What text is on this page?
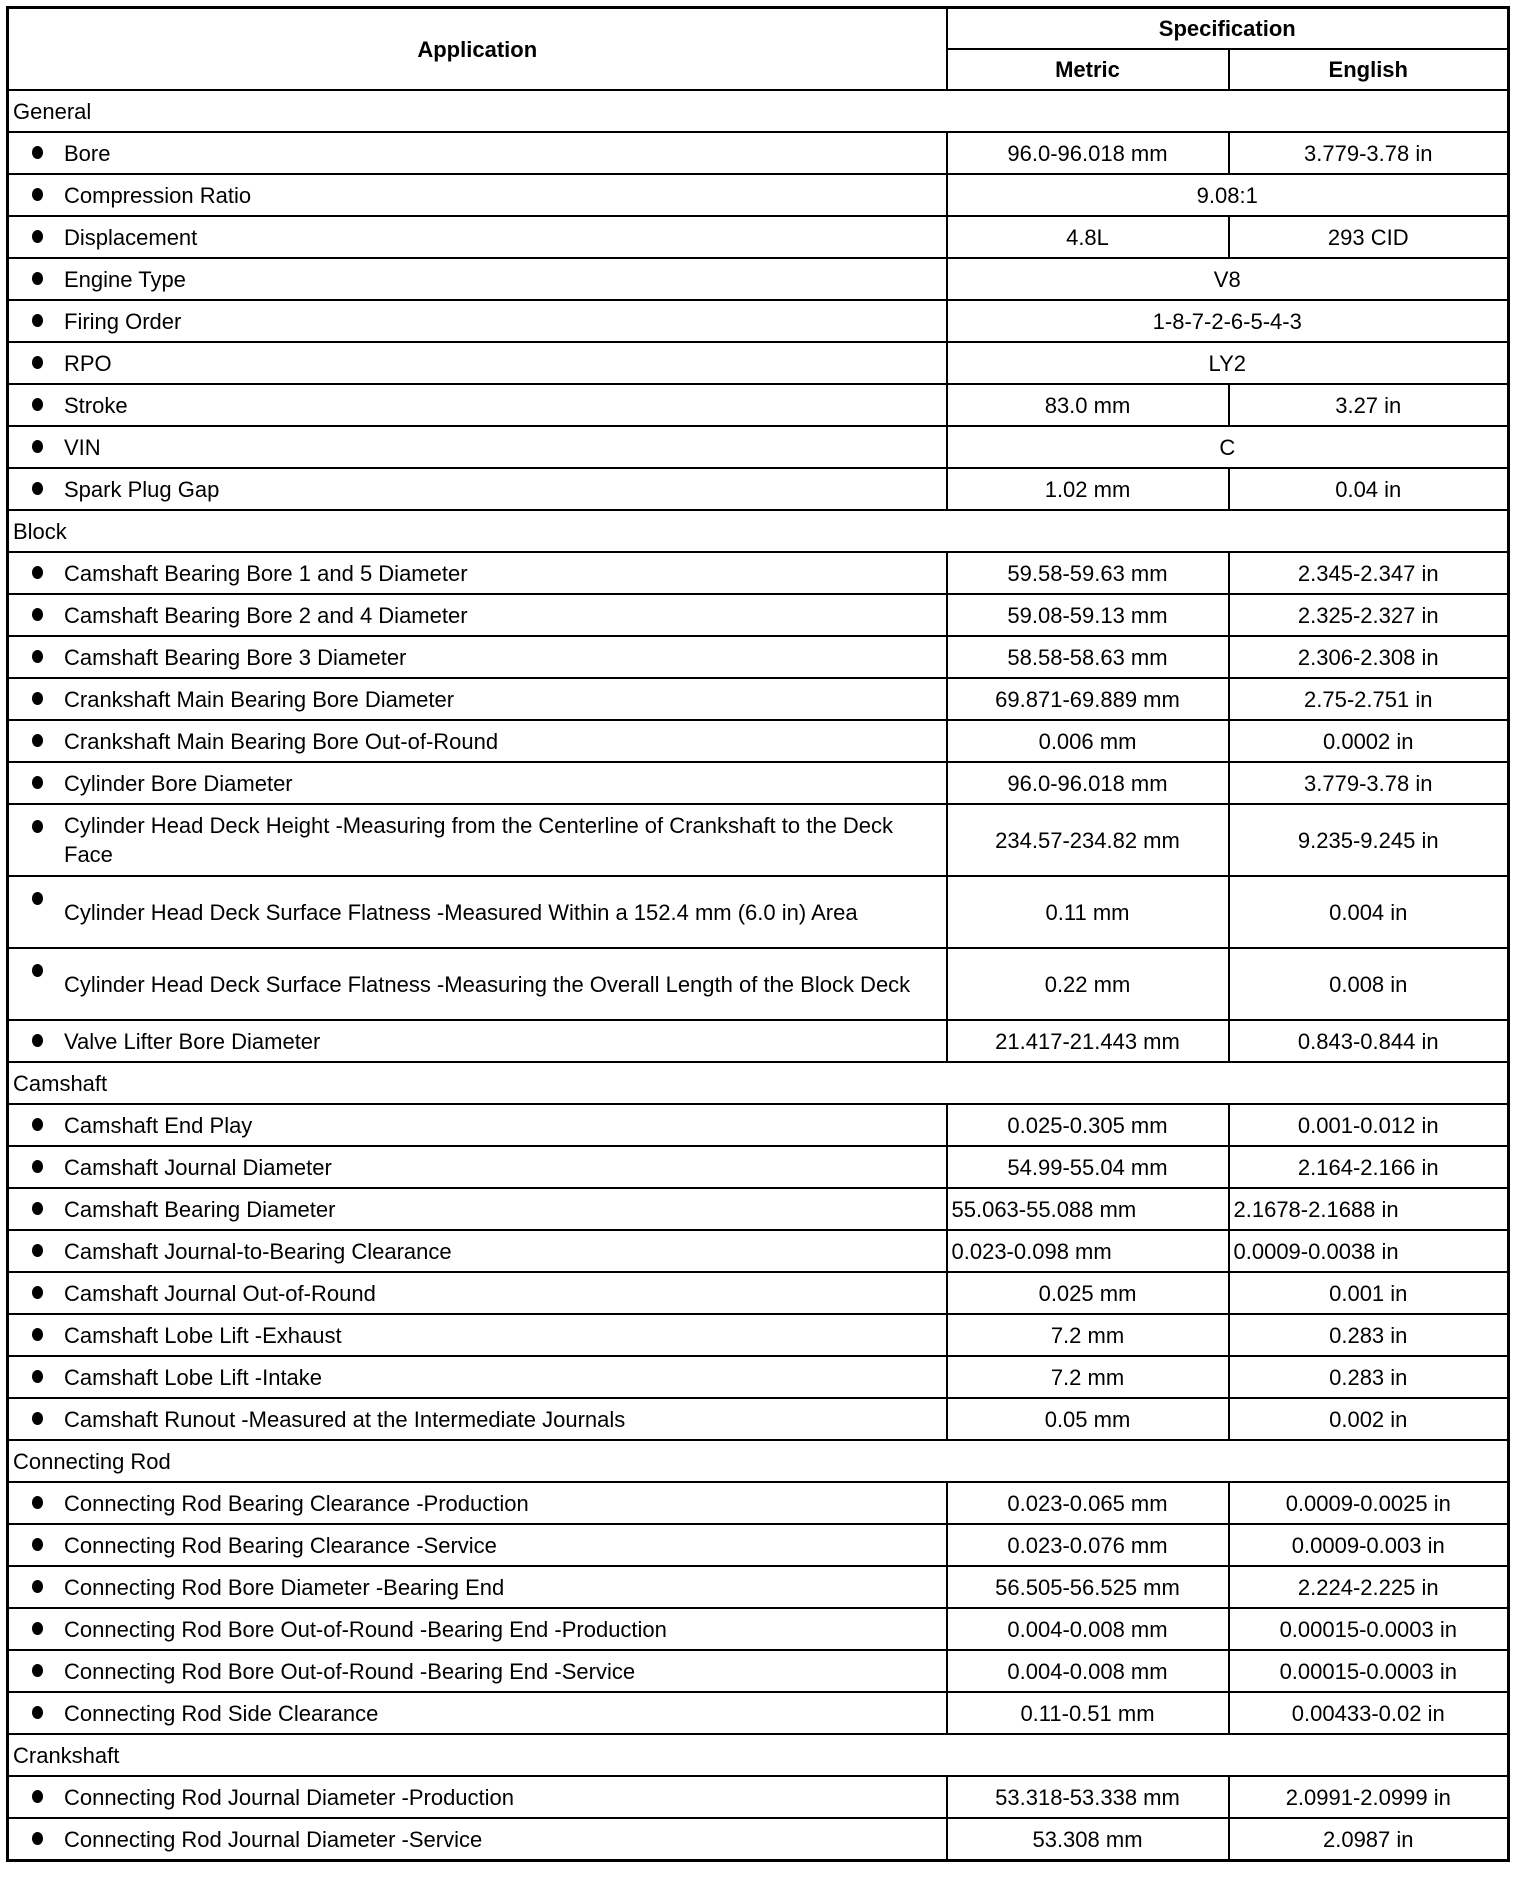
Application	Specification	
	Metric	English
General		

Bore	96.0-96.018 mm	3.779-3.78 in

Compression Ratio	9.08:1	

Displacement	4.8L	293 CID

Engine Type	V8	

Firing Order	1-8-7-2-6-5-4-3	

RPO	LY2	

Stroke	83.0 mm	3.27 in

VIN	C	

Spark Plug Gap	1.02 mm	0.04 in
Block		

Camshaft Bearing Bore 1 and 5 Diameter	59.58-59.63 mm	2.345-2.347 in

Camshaft Bearing Bore 2 and 4 Diameter	59.08-59.13 mm	2.325-2.327 in

Camshaft Bearing Bore 3 Diameter	58.58-58.63 mm	2.306-2.308 in

Crankshaft Main Bearing Bore Diameter	69.871-69.889 mm	2.75-2.751 in

Crankshaft Main Bearing Bore Out-of-Round	0.006 mm	0.0002 in

Cylinder Bore Diameter	96.0-96.018 mm	3.779-3.78 in

Cylinder Head Deck Height -Measuring from the Centerline of Crankshaft to the Deck Face	234.57-234.82 mm	9.235-9.245 in

Cylinder Head Deck Surface Flatness -Measured Within a 152.4 mm (6.0 in) Area	0.11 mm	0.004 in

Cylinder Head Deck Surface Flatness -Measuring the Overall Length of the Block Deck	0.22 mm	0.008 in

Valve Lifter Bore Diameter	21.417-21.443 mm	0.843-0.844 in
Camshaft		

Camshaft End Play	0.025-0.305 mm	0.001-0.012 in

Camshaft Journal Diameter	54.99-55.04 mm	2.164-2.166 in

Camshaft Bearing Diameter	55.063-55.088 mm	2.1678-2.1688 in

Camshaft Journal-to-Bearing Clearance	0.023-0.098 mm	0.0009-0.0038 in

Camshaft Journal Out-of-Round	0.025 mm	0.001 in

Camshaft Lobe Lift -Exhaust	7.2 mm	0.283 in

Camshaft Lobe Lift -Intake	7.2 mm	0.283 in

Camshaft Runout -Measured at the Intermediate Journals	0.05 mm	0.002 in
Connecting Rod		

Connecting Rod Bearing Clearance -Production	0.023-0.065 mm	0.0009-0.0025 in

Connecting Rod Bearing Clearance -Service	0.023-0.076 mm	0.0009-0.003 in

Connecting Rod Bore Diameter -Bearing End	56.505-56.525 mm	2.224-2.225 in

Connecting Rod Bore Out-of-Round -Bearing End -Production	0.004-0.008 mm	0.00015-0.0003 in

Connecting Rod Bore Out-of-Round -Bearing End -Service	0.004-0.008 mm	0.00015-0.0003 in

Connecting Rod Side Clearance	0.11-0.51 mm	0.00433-0.02 in
Crankshaft		

Connecting Rod Journal Diameter -Production	53.318-53.338 mm	2.0991-2.0999 in

Connecting Rod Journal Diameter -Service	53.308 mm	2.0987 in
